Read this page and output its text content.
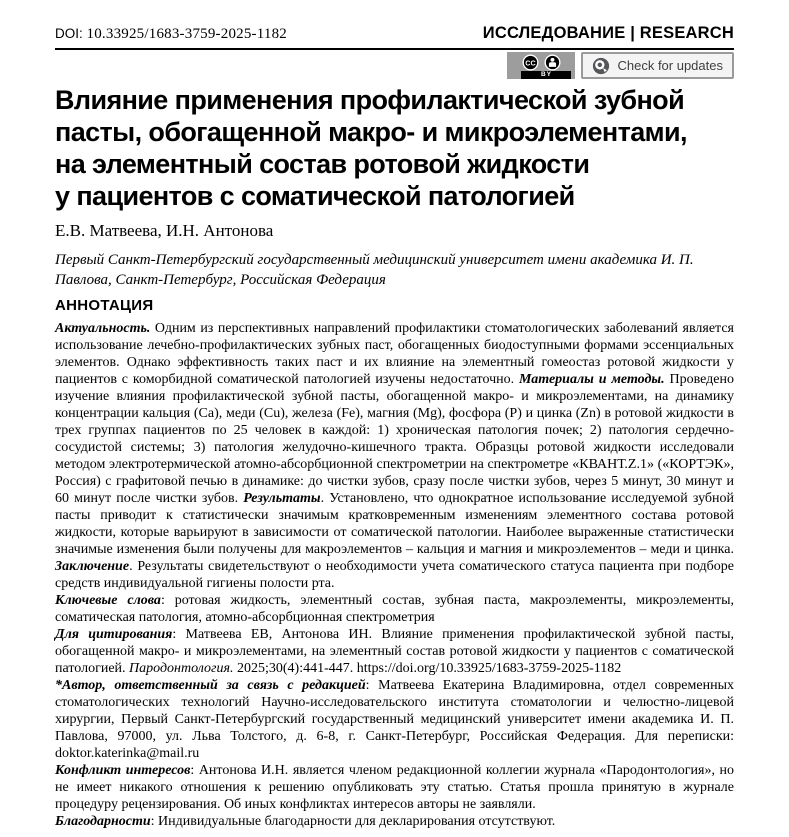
DOI: 10.33925/1683-3759-2025-1182	ИССЛЕДОВАНИЕ | RESEARCH
CC
BY
Check for updates
Влияние применения профилактической зубной
пасты, обогащенной макро- и микроэлементами,
на элементный состав ротовой жидкости
у пациентов с соматической патологией
Е.В. Матвеева, И.Н. Антонова
Первый Санкт-Петербургский государственный медицинский университет имени академика И. П. Павлова, Санкт-Петербург, Российская Федерация
АННОТАЦИЯ

Актуальность. Одним из перспективных направлений профилактики стоматологических заболеваний является использование лечебно-профилактических зубных паст, обогащенных биодоступными формами эссенциальных элементов. Однако эффективность таких паст и их влияние на элементный гомеостаз ротовой жидкости у пациентов с коморбидной соматической патологией изучены недостаточно. Материалы и методы. Проведено изучение влияния профилактической зубной пасты, обогащенной макро- и микроэлементами, на динамику концентрации кальция (Ca), меди (Cu), железа (Fe), магния (Mg), фосфора (P) и цинка (Zn) в ротовой жидкости в трех группах пациентов по 25 человек в каждой: 1) хроническая патология почек; 2) патология сердечно-сосудистой системы; 3) патология желудочно-кишечного тракта. Образцы ротовой жидкости исследовали методом электротермической атомно-абсорбционной спектрометрии на спектрометре «КВАНТ.Z.1» («КОРТЭК», Россия) с графитовой печью в динамике: до чистки зубов, сразу после чистки зубов, через 5 минут, 30 минут и 60 минут после чистки зубов. Результаты. Установлено, что однократное использование исследуемой зубной пасты приводит к статистически значимым кратковременным изменениям элементного состава ротовой жидкости, которые варьируют в зависимости от соматической патологии. Наиболее выраженные статистически значимые изменения были получены для макроэлементов – кальция и магния и микроэлементов – меди и цинка. Заключение. Результаты свидетельствуют о необходимости учета соматического статуса пациента при подборе средств индивидуальной гигиены полости рта.

Ключевые слова: ротовая жидкость, элементный состав, зубная паста, макроэлементы, микроэлементы, соматическая патология, атомно-абсорбционная спектрометрия

Для цитирования: Матвеева ЕВ, Антонова ИН. Влияние применения профилактической зубной пасты, обогащенной макро- и микроэлементами, на элементный состав ротовой жидкости у пациентов с соматической патологией. Пародонтология. 2025;30(4):441-447. https://doi.org/10.33925/1683-3759-2025-1182

*Автор, ответственный за связь с редакцией: Матвеева Екатерина Владимировна, отдел современных стоматологических технологий Научно-исследовательского института стоматологии и челюстно-лицевой хирургии, Первый Санкт-Петербургский государственный медицинский университет имени академика И. П. Павлова, 97000, ул. Льва Толстого, д. 6-8, г. Санкт-Петербург, Российская Федерация. Для переписки: doktor.katerinka@mail.ru

Конфликт интересов: Антонова И.Н. является членом редакционной коллегии журнала «Пародонтология», но не имеет никакого отношения к решению опубликовать эту статью. Статья прошла принятую в журнале процедуру рецензирования. Об иных конфликтах интересов авторы не заявляли.

Благодарности: Индивидуальные благодарности для декларирования отсутствуют.
